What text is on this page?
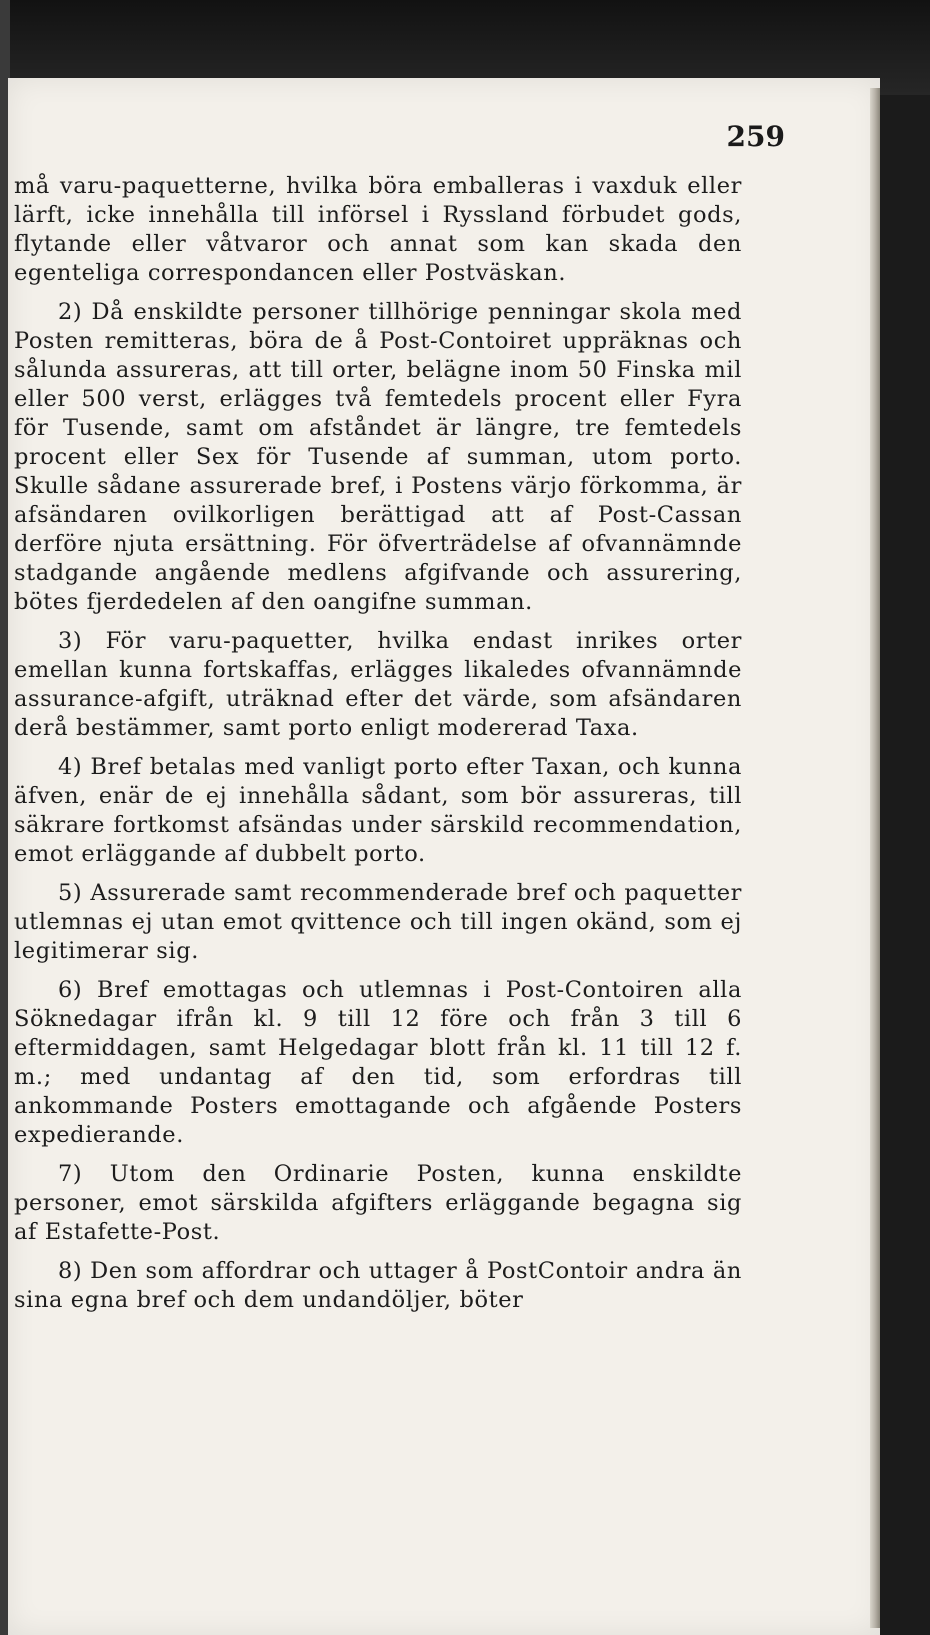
259

må varu-paquetterne, hvilka böra emballeras i vaxduk eller lärft, icke innehålla till införsel i Ryssland förbudet gods, flytande eller våtvaror och annat som kan skada den egenteliga correspondancen eller Postväskan.

2) Då enskildte personer tillhörige penningar skola med Posten remitteras, böra de å Post-Contoiret uppräknas och sålunda assureras, att till orter, belägne inom 50 Finska mil eller 500 verst, erlägges två femtedels procent eller Fyra för Tusende, samt om afståndet är längre, tre femtedels procent eller Sex för Tusende af summan, utom porto. Skulle sådane assurerade bref, i Postens värjo förkomma, är afsändaren ovilkorligen berättigad att af Post-Cassan derföre njuta ersättning. För öfverträdelse af ofvannämnde stadgande angående medlens afgifvande och assurering, bötes fjerdedelen af den oangifne summan.

3) För varu-paquetter, hvilka endast inrikes orter emellan kunna fortskaffas, erlägges likaledes ofvannämnde assurance-afgift, uträknad efter det värde, som afsändaren derå bestämmer, samt porto enligt modererad Taxa.

4) Bref betalas med vanligt porto efter Taxan, och kunna äfven, enär de ej innehålla sådant, som bör assureras, till säkrare fortkomst afsändas under särskild recommendation, emot erläggande af dubbelt porto.

5) Assurerade samt recommenderade bref och paquetter utlemnas ej utan emot qvittence och till ingen okänd, som ej legitimerar sig.

6) Bref emottagas och utlemnas i Post-Contoiren alla Söknedagar ifrån kl. 9 till 12 före och från 3 till 6 eftermiddagen, samt Helgedagar blott från kl. 11 till 12 f. m.; med undantag af den tid, som erfordras till ankommande Posters emottagande och afgående Posters expedierande.

7) Utom den Ordinarie Posten, kunna enskildte personer, emot särskilda afgifters erläggande begagna sig af Estafette-Post.

8) Den som affordrar och uttager å PostContoir andra än sina egna bref och dem undandöljer, böter
